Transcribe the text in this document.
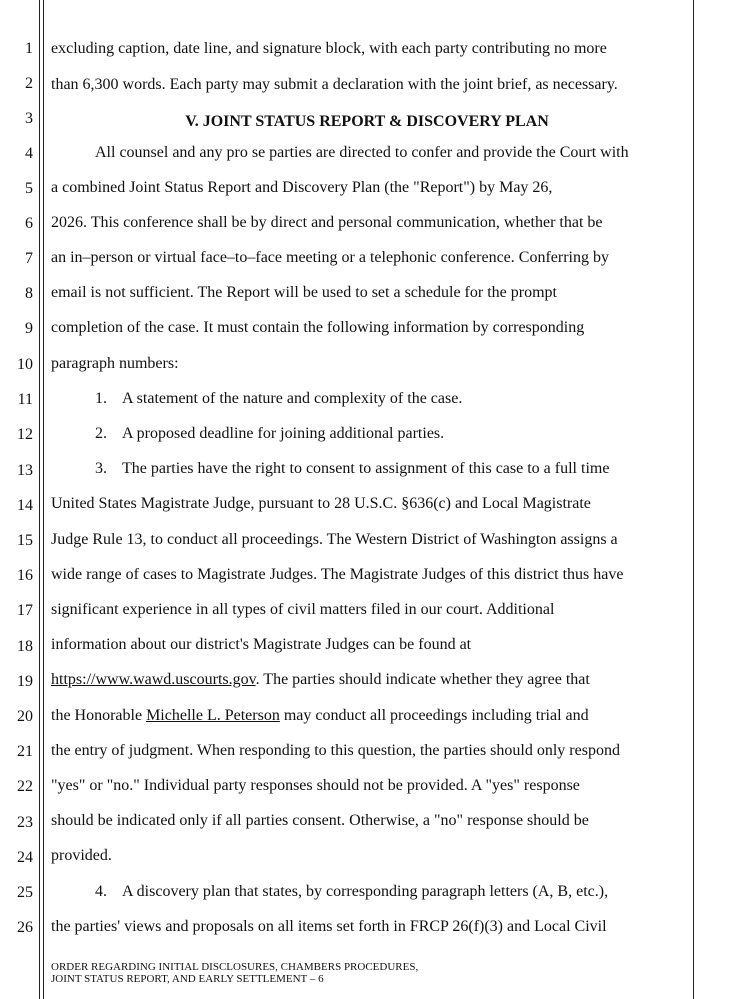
1
2
3
4
5
6
7
8
9
10
11
12
13
14
15
16
17
18
19
20
21
22
23
24
25
26
excluding caption, date line, and signature block, with each party contributing no more
than 6,300 words. Each party may submit a declaration with the joint brief, as necessary.
V. JOINT STATUS REPORT & DISCOVERY PLAN
All counsel and any pro se parties are directed to confer and provide the Court with
a combined Joint Status Report and Discovery Plan (the "Report") by May 26,
2026. This conference shall be by direct and personal communication, whether that be
an in–person or virtual face–to–face meeting or a telephonic conference. Conferring by
email is not sufficient. The Report will be used to set a schedule for the prompt
completion of the case. It must contain the following information by corresponding
paragraph numbers:
1. A statement of the nature and complexity of the case.
2. A proposed deadline for joining additional parties.
3. The parties have the right to consent to assignment of this case to a full time
United States Magistrate Judge, pursuant to 28 U.S.C. §636(c) and Local Magistrate
Judge Rule 13, to conduct all proceedings. The Western District of Washington assigns a
wide range of cases to Magistrate Judges. The Magistrate Judges of this district thus have
significant experience in all types of civil matters filed in our court. Additional
information about our district's Magistrate Judges can be found at
https://www.wawd.uscourts.gov. The parties should indicate whether they agree that
the Honorable Michelle L. Peterson may conduct all proceedings including trial and
the entry of judgment. When responding to this question, the parties should only respond
"yes" or "no." Individual party responses should not be provided. A "yes" response
should be indicated only if all parties consent. Otherwise, a "no" response should be
provided.
4. A discovery plan that states, by corresponding paragraph letters (A, B, etc.),
the parties' views and proposals on all items set forth in FRCP 26(f)(3) and Local Civil
ORDER REGARDING INITIAL DISCLOSURES, CHAMBERS PROCEDURES,
JOINT STATUS REPORT, AND EARLY SETTLEMENT – 6
